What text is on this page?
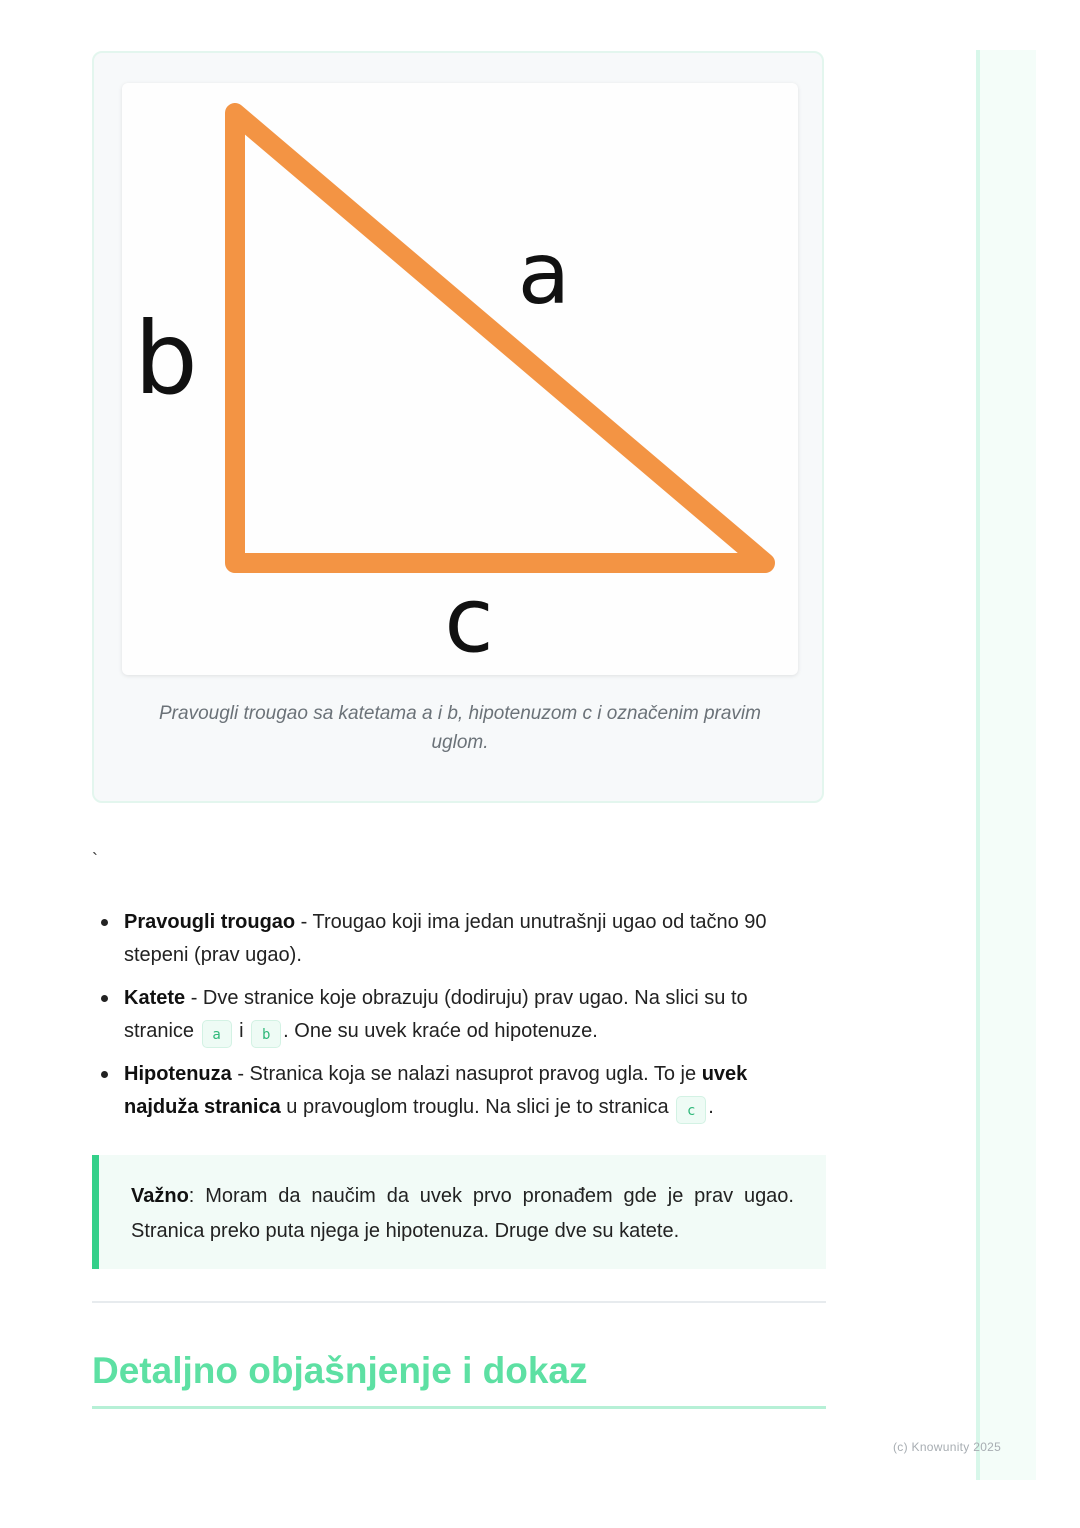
a
b
c
Pravougli trougao sa katetama a i b, hipotenuzom c i označenim pravim uglom.
`
Pravougli trougao - Trougao koji ima jedan unutrašnji ugao od tačno 90 stepeni (prav ugao).
Katete - Dve stranice koje obrazuju (dodiruju) prav ugao. Na slici su to stranice a i b . One su uvek kraće od hipotenuze.
Hipotenuza - Stranica koja se nalazi nasuprot pravog ugla. To je uvek najduža stranica u pravouglom trouglu. Na slici je to stranica c .
Važno: Moram da naučim da uvek prvo pronađem gde je prav ugao. Stranica preko puta njega je hipotenuza. Druge dve su katete.
Detaljno objašnjenje i dokaz
(c) Knowunity 2025
